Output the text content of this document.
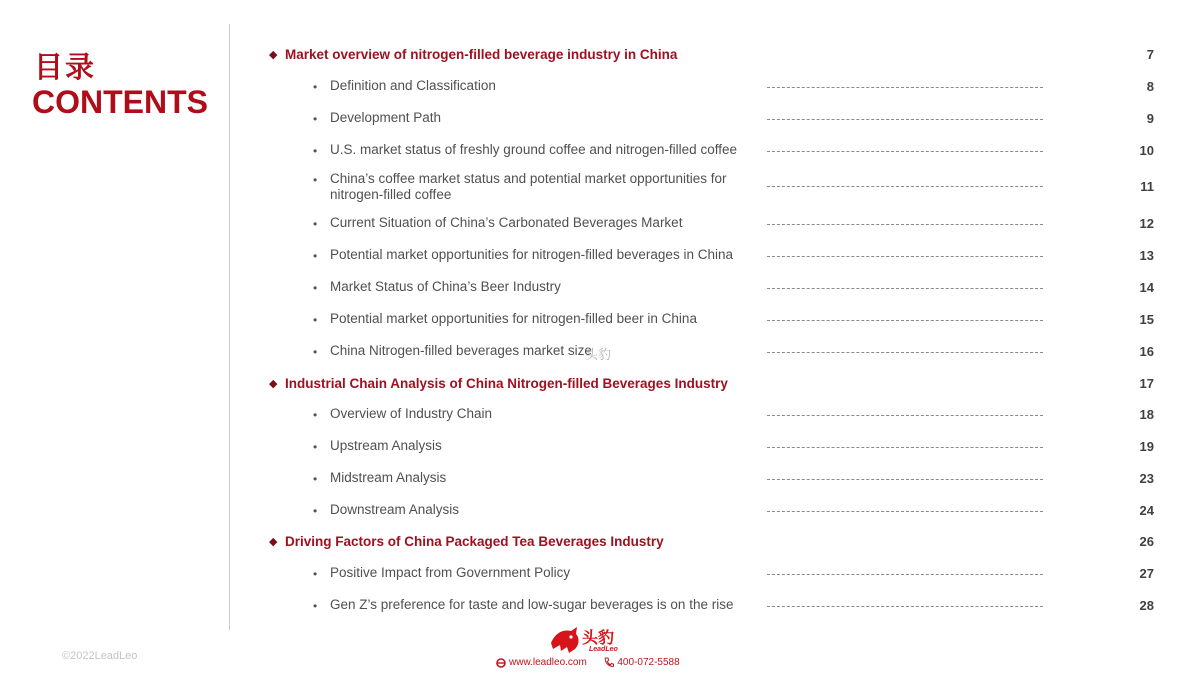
目录
CONTENTS
◆ Market overview of nitrogen-filled beverage industry in China	7
• Definition and Classification	8
• Development Path	9
• U.S. market status of freshly ground coffee and nitrogen-filled coffee	10
• China’s coffee market status and potential market opportunities for nitrogen-filled coffee
11
• Current Situation of China’s Carbonated Beverages Market	12
• Potential market opportunities for nitrogen-filled beverages in China	13
• Market Status of China’s Beer Industry	14
• Potential market opportunities for nitrogen-filled beer in China	15
• China Nitrogen-filled beverages market size	16
◆ Industrial Chain Analysis of China Nitrogen-filled Beverages Industry	17
• Overview of Industry Chain	18
• Upstream Analysis	19
• Midstream Analysis	23
• Downstream Analysis	24
◆ Driving Factors of China Packaged Tea Beverages Industry	26
• Positive Impact from Government Policy	27
• Gen Z’s preference for taste and low-sugar beverages is on the rise	28
头豹
©2022LeadLeo
头豹
LeadLeo
www.leadleo.com	400-072-5588
